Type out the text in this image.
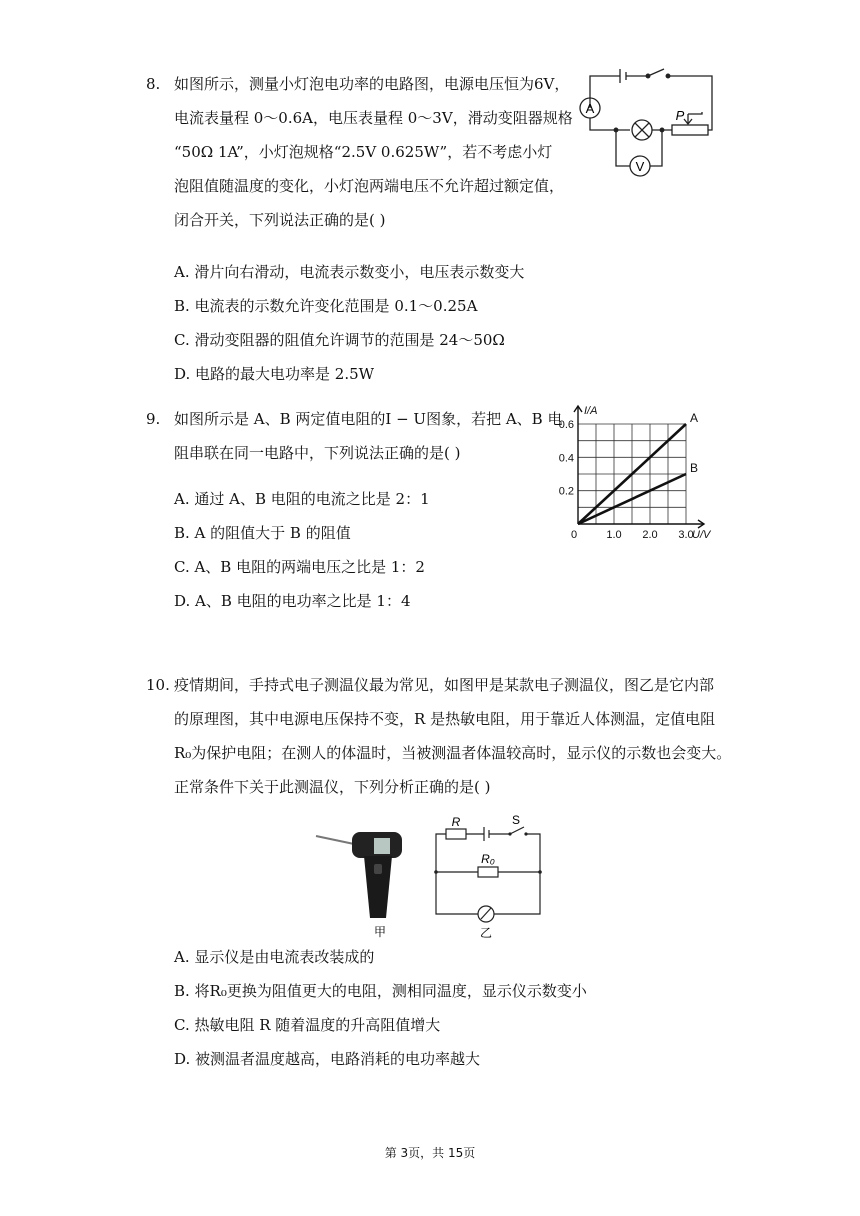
8. 如图所示，测量小灯泡电功率的电路图，电源电压恒为6V，
电流表量程 0～0.6A，电压表量程 0～3V，滑动变阻器规格
“50Ω 1A”，小灯泡规格“2.5V 0.625W”，若不考虑小灯
泡阻值随温度的变化，小灯泡两端电压不允许超过额定值，
闭合开关，下列说法正确的是( )
A. 滑片向右滑动，电流表示数变小，电压表示数变大
B. 电流表的示数允许变化范围是 0.1～0.25A
C. 滑动变阻器的阻值允许调节的范围是 24～50Ω
D. 电路的最大电功率是 2.5W
A
V
P
9. 如图所示是 A、B 两定值电阻的I − U图象，若把 A、B 电
阻串联在同一电路中，下列说法正确的是( )
A. 通过 A、B 电阻的电流之比是 2：1
B. A 的阻值大于 B 的阻值
C. A、B 电阻的两端电压之比是 1：2
D. A、B 电阻的电功率之比是 1：4
A
B
0	1.0 2.0 3.0
0.2
0.4
0.6
U/V
I/A
10. 疫情期间，手持式电子测温仪最为常见，如图甲是某款电子测温仪，图乙是它内部
的原理图，其中电源电压保持不变，R 是热敏电阻，用于靠近人体测温，定值电阻
R₀为保护电阻；在测人的体温时，当被测温者体温较高时，显示仪的示数也会变大。
正常条件下关于此测温仪，下列分析正确的是( )
A. 显示仪是由电流表改装成的
B. 将R₀更换为阻值更大的电阻，测相同温度，显示仪示数变小
C. 热敏电阻 R 随着温度的升高阻值增大
D. 被测温者温度越高，电路消耗的电功率越大
甲
R	S
R₀
乙
第 3页，共 15页
